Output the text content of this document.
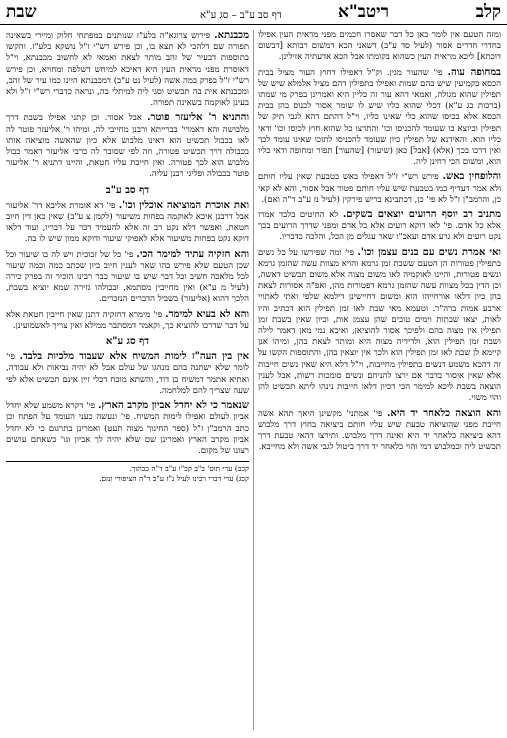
קלב
ריטב"א
דף סב ע"ב – סג ע"א
שבת

ומזה הטעם אין לומר כאן כל דבר שאסרו חכמים מפני מראית העין אפילו בחדרי חדרים אסור (לעיל סד ע"ב) דשאני הכא דמשום רבותא [דבשום דוכתא] ליכא מראית העין כשהוא בקומתו אבל הכא אדעתיה אזילינן.

במחופה עוה. פי' שהעור מגין. וק"ל דאפילו דחוץ העור מציל בבית הכסא בקמיעין שיש בהם שמות ואפילו בתפילין דהם מציל אלמלא שיש של תפילין שהוא מגולה, ואמאי דהא עור זה כליין היא ואמרינן בפרק מי שמתו (ברכות כג ע"א) דכלי שהוא כליו שיש לו שומר אסור לכנוס בהן בבית הכסא אלא בכיסו שהוא כלי שאינו כליו, וי"ל דהתם דהא לגבי תיק של תפילין וכיוצא בו שעומד להכניסו וכו' והתרצו כל שהוא חוץ לכיסו וכו' ודאי כליו הוא. והאידנא של תפילין כיון שעומד להכניסו לתוכו שאינו עומד לכך ואין דרכו בכך (אלא) [אבל] כאן (שיעור) [שהעור] תפור ומחופה ודאי כליו הוא, ומשום הכי דחינן ליה.

והלופחין באש. פירש רש"י ז"ל דאפילו באש בטבעת שאין עליו חותם ולא אמר דעדיף כמו בטבעת שיש עליו חותם פטור אבל אסור, והא לא קאי כן, והרמב"ן ז"ל לא פי' כן, דכתבינא בריש פירקין (לעיל נז ע"ב ד"ה ואם).

מתניב רב יוסף הרועים יוצאים בשקים. לא החיטים בלבד אמרו אלא כל אדם. פי' לאו דוקא רועים אלא כל אדם ומפני שדרך הרועים בכך נקט רועים ולא גרע אדם ועאכ"ו שאר עגלים מן הכל, והלכה כדבריו.

ואי אמרת נשים עם בנים עצמן וכו'. פי' ומה שפירשו על כל נשים בתפילין פטורות הן הטעם ששבת זמן גרמא והויא מצוות עשה שהזמן גרמא ונשים פטורות, והיינו לאוקמיה לאו משום מצוה אלא משום תכשיט דאשה, וכן הדין בכל מצוות עשה שהזמן גרמא דפטורות מהן, ואפ"ה אסורות לצאת בהן כיון דלאו אורחייהו הוא ומשום דחיישינן דילמא שלפי ואתי לאתויי ארבע אמות ברה"ר. וטעמא מאי שבת לאו זמן תפילין הוא דכתיב והיו לאות, יצאו שבתות וימים טובים שהן עצמן אות, וכיון שאין בשבת זמן תפילין אין מצוה בהם ולפיכך אסור להוציאן, ואיכא נמי מאן דאמר לילה ושבת זמן תפילין הוא, ולדידיה מצוה היא ומותר לצאת בהן, ומיהו אנן קיימא לן שבת לאו זמן תפילין הוא ולכך אין יוצאין בהן, והתוספות הקשו על זה דהכא משמע דנשים בתפילין מחייבות, וי"ל דלא היא שאין נשים חייבות אלא שאין איסור בדבר אם ירצו להניחם ונשים סומכות רשות, אבל לענין הוצאה בשבת ליכא למימר הכי דכיון דלאו חייבות נינהו ליתא תכשיט להן והוי משוי.

והא הוצאה כלאחר יד היא. פי' אמתני' מקשינן היאך תהא אשה חייבת מפני שהוציאה טבעת שיש עליו חותם ביציאה בחוץ דרך מלבוש דהא ביציאה כלאחר יד היא ואינה דרך מלבוש. ותירצו דהאי טבעת דרך תכשיט ליה וכמלבוש דמי והוי כלאחר יד דרך ביטול לגבי אשה ולא מחייבא.

מכבנתא. פירוש צרוגא"ה בלע"ז שנותנים במפתחי חלוק ומיירי כשאינה תפורה שם דלהכי לא תצא בו, וכן פירש רש"י ז"ל נושקא בלע"ז. והקשו בתוספות דבעיר של זהב מותר לצאת ואמאי לא לחשוב מכבנתא, וי"ל דאוסרת מפני מראית העין היא דאיכא למיחש דשלפה ומחויא, וכן פירש רש"י ז"ל בפרק במה אשה (לעיל נט ע"ב) דמכבנתא היינו כמו עיר של זהב, ומכבנתא אית בה תכשיט וסגי ליה למיתלי בה, ונראה כדברי רש"י ז"ל ולא בעינן לאוקמה בשאינה תפורה.

והתניא ר' אליעזר פוטר. אבל אסור. וכן קתני אפילו בשבת דרך מלבושה והא דאמרי' בברייתא ורבנן מחייבי לה, ומיהו ר' אליעזר פוטר לה לאו בכבול תכשיט הוא דאינו מלבוש אלא כיון שהאשה מוציאה אותו בכבולה דרך תכשיט פטורה, וזה לפי שסובר לה כרבי אליעזר דאמר כבול מלבוש הוא לכך פטורה. ואין חייבת עליו חטאת, והיינו דתניא ר' אליעזר פוטר בכבולה ופליגי רבנן עליה.

דף סב ע"ב

ואת אוכרת המוציאה אוכלין וכו'. פי' דא אומרת אליבא דר' אליעזר אבל דרבנן איכא לאוקמה בפחות משיעור (לקמן צ ע"ב) שאין כאן דין חיוב חטאת, ואפשר דלא נקט רב זה אלא להעמיד דבר על דבריו, ועוד דלאו דוקא נקט בפחות משיעור אלא לאפוקי שיעור ודוקא ממון שיש לו בה.

והא חזקיה עתיד למימר הכי. פי' כל של זכוכית ויש לה בו שיעור וכל שכן הטעם שלא פירש בהו שאר לענין חיוב כיון שכתב כמה וכמה שיעור לכל מלאכה חשיב וכל דבר שיש בו שיעור כבר רבינו הזכיר זה בפרק כירה (לעיל מ ע"א) ואין מחייבין מסתמא, ובכולהו גזירה שמא יוציא בשבת, הלכך דהוא (אליעזר) בשביל הדברים הנזכרים.

והא לא בעיא למימר. פי' מימרא דחזקיה דתנן שאין חייבין חטאת אלא על דבר שדרכו להוציא כך, וקאמר דמסתבר ממילא ואין צריך לאשמועינן.

דף סג ע"א

אין בין העה"ז לימות המשיח אלא שעבוד מלכיות בלבד. פי' לומר שלא ישתנה בהם מנהגו של עולם אבל לא יהיה נביאות ולא עבודה, ואתיא אתמר דמשיח בן דוד, והשתא מוכח דכלי זיין אינם תכשיט אלא לפי שעה שצריך להם למלחמה.

שנאמר כי לא יחדל אביון מקרב הארץ. פי' דקרא משמע שלא יחדל אביון לעולם ואפילו לימות המשיח. פי' ונעשה כעני העומד על הפתח וכן כתב הרמב"ן ז"ל (ספר החינוך מצוה תעט) ואמרינן בתרגום כי לא יחדל אביון מקרב הארץ ואמרינן שם שלא יהיה לך אביון וגו' כשאתם עושים רצונו של מקום.

קכב) ערי תוס' ב"ב קכ"ו ע"ב ד"ה כבתוך.
קכג) ערי דברי רבינו לעיל נ"ז ע"ב ד"ה הציפורי ונזם.
